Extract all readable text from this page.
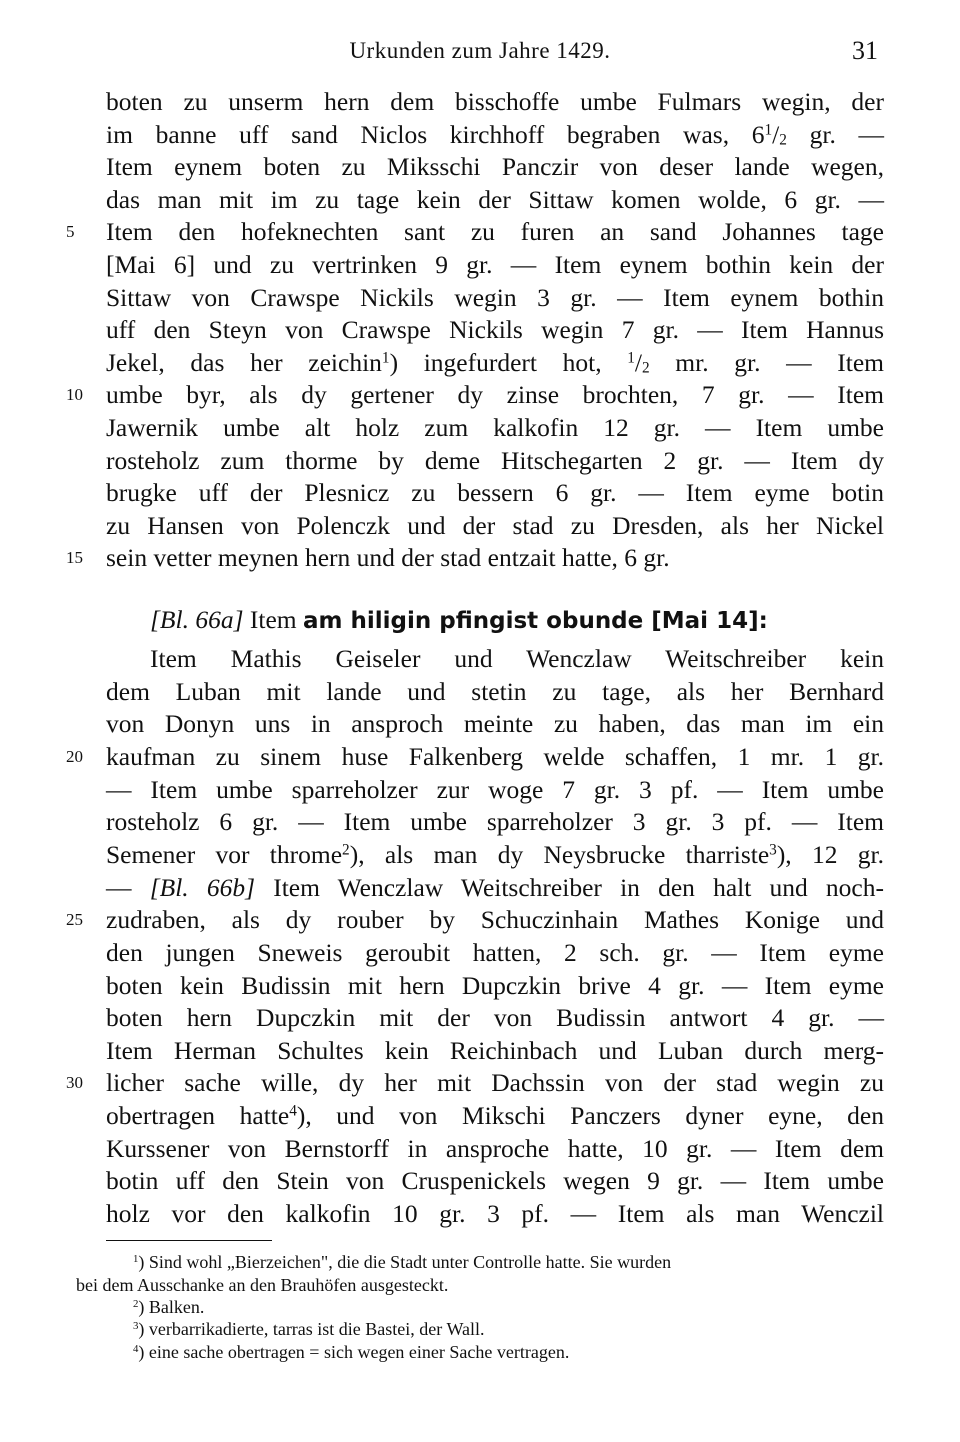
Urkunden zum Jahre 1429.	31
boten zu unserm hern dem bisschoffe umbe Fulmars wegin, der
im banne uff sand Niclos kirchhoff begraben was, $6^1/2$ gr. —
Item eynem boten zu Miksschi Panczir von deser lande wegen,
das man mit im zu tage kein der Sittaw komen wolde, 6 gr. —
Item den hofeknechten sant zu furen an sand Johannes tage
5
[Mai 6] und zu vertrinken 9 gr. — Item eynem bothin kein der
Sittaw von Crawspe Nickils wegin 3 gr. — Item eynem bothin
uff den Steyn von Crawspe Nickils wegin 7 gr. — Item Hannus
Jekel, das her zeichin$^1$) ingefurdert hot, $^1$/2 mr. gr. — Item
umbe byr, als dy gertener dy zinse brochten, 7 gr. — Item
10
Jawernik umbe alt holz zum kalkofin 12 gr. — Item umbe
rosteholz zum thorme by deme Hitschegarten 2 gr. — Item dy
brugke uff der Plesnicz zu bessern 6 gr. — Item eyme botin
zu Hansen von Polenczk und der stad zu Dresden, als her Nickel
sein vetter meynen hern und der stad entzait hatte, 6 gr.
15
[Bl. 66a] Item am hiligin pfingist obunde [Mai 14]:
Item Mathis Geiseler und Wenczlaw Weitschreiber kein
dem Luban mit lande und stetin zu tage, als her Bernhard
von Donyn uns in ansproch meinte zu haben, das man im ein
kaufman zu sinem huse Falkenberg welde schaffen, 1 mr. 1 gr.
20
— Item umbe sparreholzer zur woge 7 gr. 3 pf. — Item umbe
rosteholz 6 gr. — Item umbe sparreholzer 3 gr. 3 pf. — Item
Semener vor throme$^2$), als man dy Neysbrucke tharriste$^3$), 12 gr.
— [Bl. 66b] Item Wenczlaw Weitschreiber in den halt und noch-
zudraben, als dy rouber by Schuczinhain Mathes Konige und
25
den jungen Sneweis geroubit hatten, 2 sch. gr. — Item eyme
boten kein Budissin mit hern Dupczkin brive 4 gr. — Item eyme
boten hern Dupczkin mit der von Budissin antwort 4 gr. —
Item Herman Schultes kein Reichinbach und Luban durch merg-
licher sache wille, dy her mit Dachssin von der stad wegin zu
30
obertragen hatte$^4$), und von Mikschi Panczers dyner eyne, den
Kurssener von Bernstorff in ansproche hatte, 10 gr. — Item dem
botin uff den Stein von Cruspenickels wegen 9 gr. — Item umbe
holz vor den kalkofin 10 gr. 3 pf. — Item als man Wenczil
$^1$) Sind wohl „Bierzeichen", die die Stadt unter Controlle hatte. Sie wurden
bei dem Ausschanke an den Brauhöfen ausgesteckt.
$^2$) Balken.
$^3$) verbarrikadierte, tarras ist die Bastei, der Wall.
$^4$) eine sache obertragen = sich wegen einer Sache vertragen.
